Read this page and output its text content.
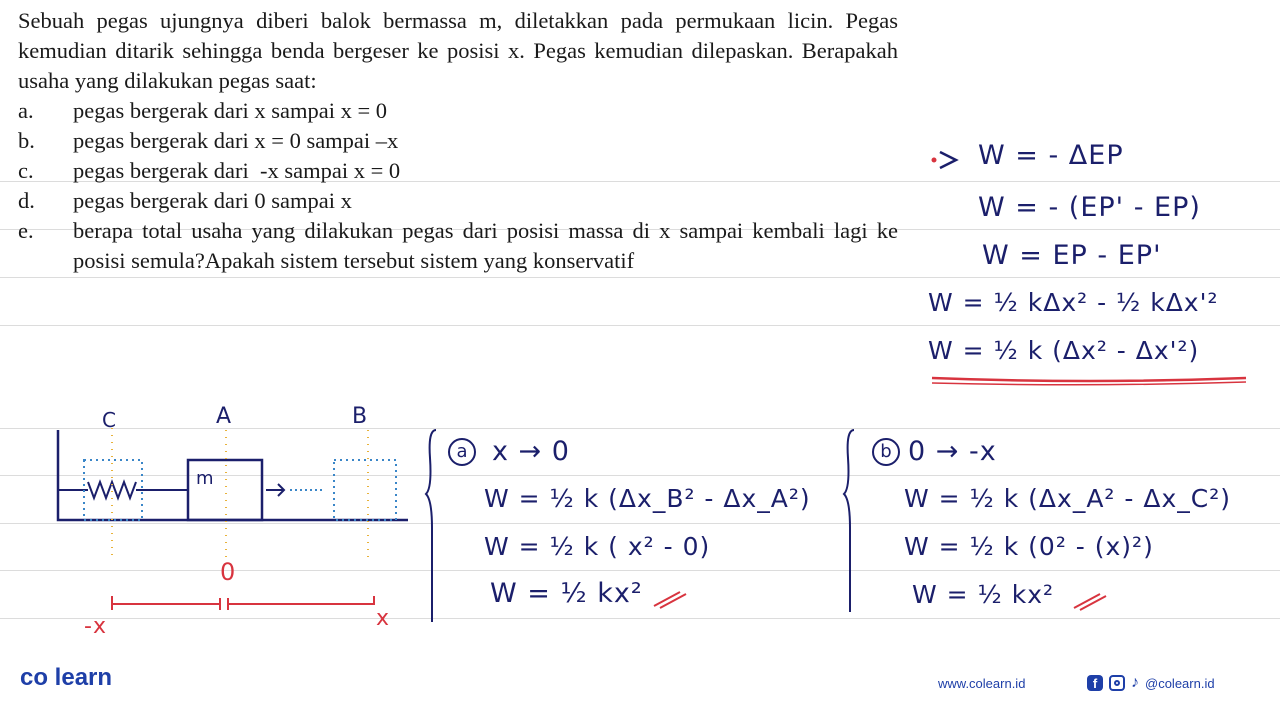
Sebuah pegas ujungnya diberi balok bermassa m, diletakkan pada permukaan licin. Pegas kemudian ditarik sehingga benda bergeser ke posisi x. Pegas kemudian dilepaskan. Berapakah usaha yang dilakukan pegas saat:

a. pegas bergerak dari x sampai x = 0
b. pegas bergerak dari x = 0 sampai –x
c. pegas bergerak dari  -x sampai x = 0
d. pegas bergerak dari 0 sampai x
e. berapa total usaha yang dilakukan pegas dari posisi massa di x sampai kembali lagi ke posisi semula?Apakah sistem tersebut sistem yang konservatif
W = - ΔEP
W = - (EP' - EP)
W = EP - EP'
W = ½ kΔx² - ½ kΔx'²
W = ½ k (Δx² - Δx'²)
C	A	B
m
0
-x	x
a x → 0
W = ½ k (Δx_B² - Δx_A²)
W = ½ k ( x² - 0)
W = ½ kx²
b 0 → -x
W = ½ k (Δx_A² - Δx_C²)
W = ½ k (0² - (x)²)
W = ½ kx²
co learn	www.colearn.id	f	♪ @colearn.id
